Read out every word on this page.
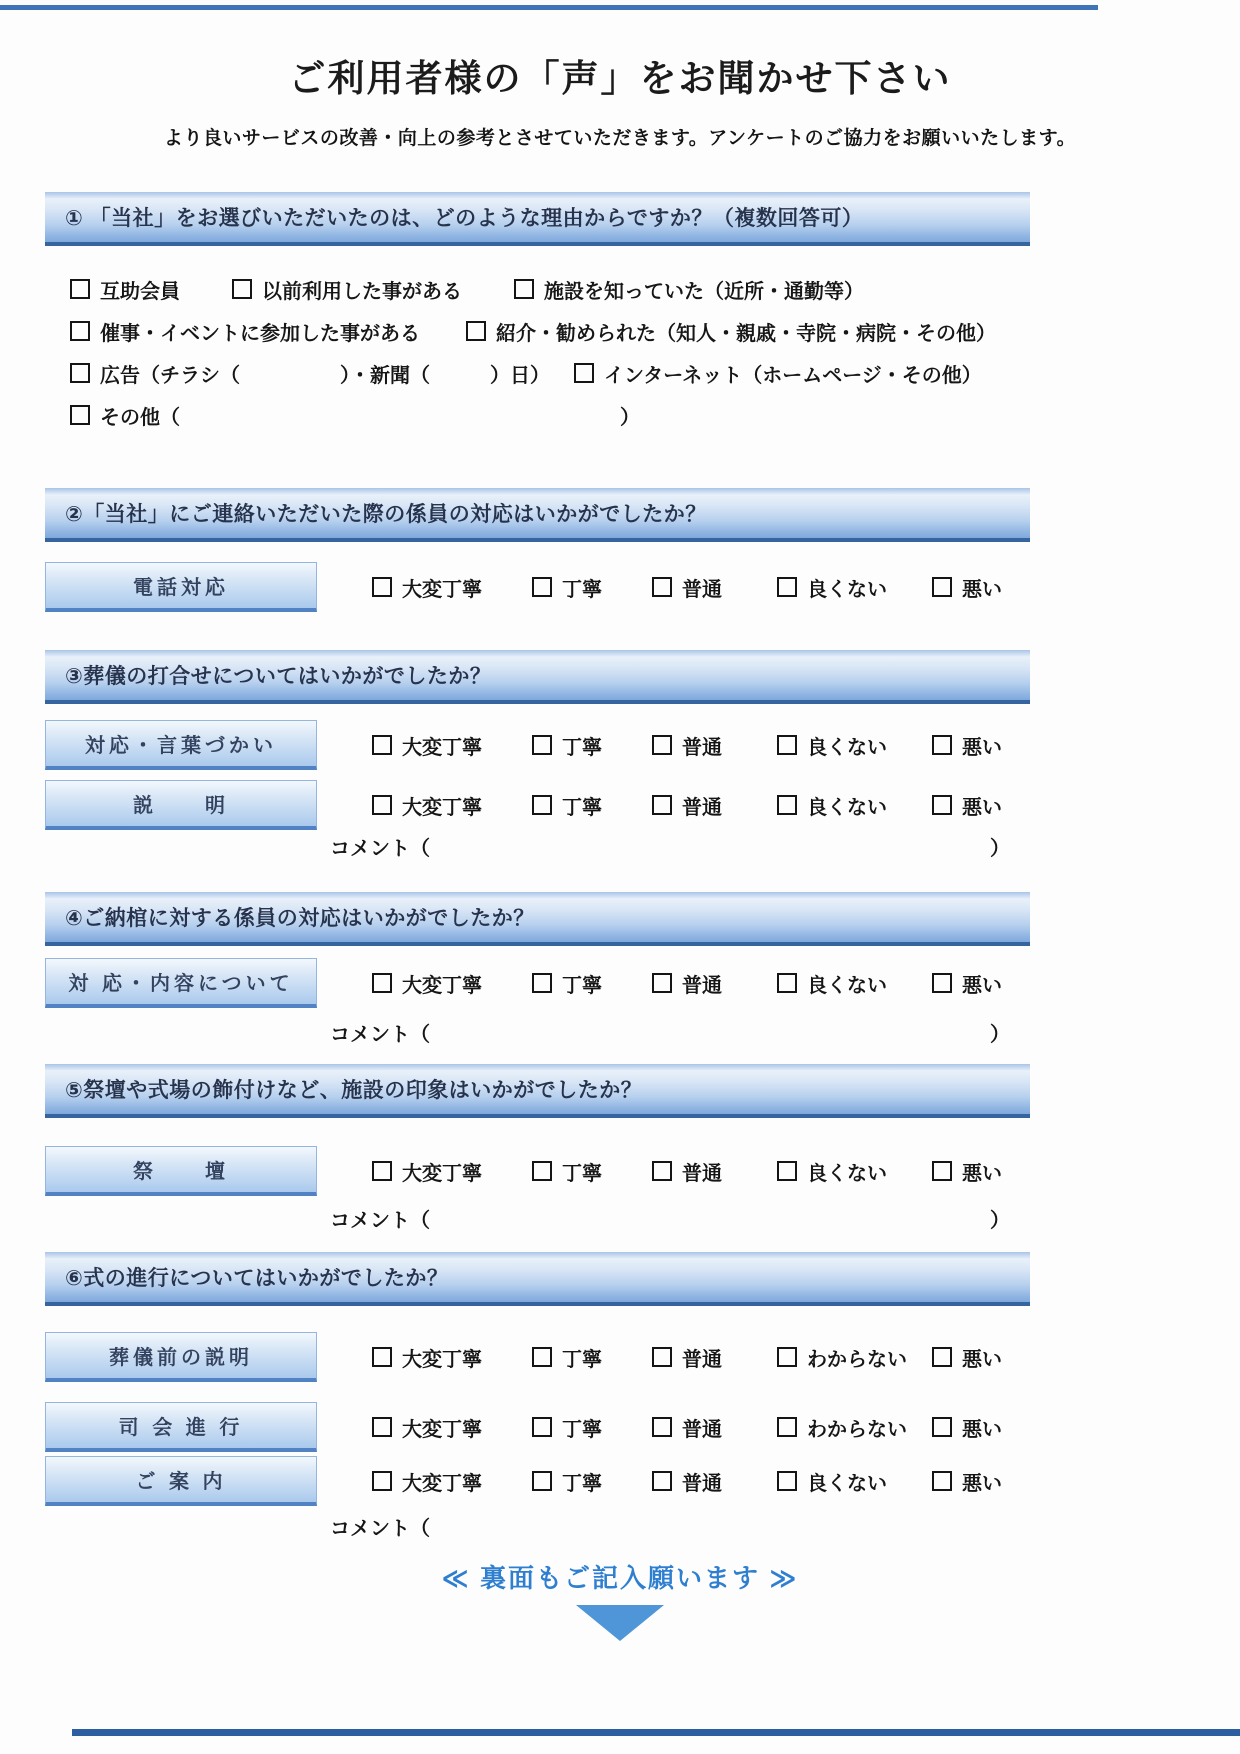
ご利用者様の「声」をお聞かせ下さい
より良いサービスの改善・向上の参考とさせていただきます。アンケートのご協力をお願いいたします。
① 「当社」をお選びいただいたのは、どのような理由からですか？（複数回答可）
互助会員	以前利用した事がある	施設を知っていた（近所・通勤等）
催事・イベントに参加した事がある	紹介・勧められた（知人・親戚・寺院・病院・その他）
広告（チラシ（　　　　　）・新聞（　　　）日）	インターネット（ホームページ・その他）
その他（　　　　　　　　　　　　　　　　　　　　　　）
②「当社」にご連絡いただいた際の係員の対応はいかがでしたか？
電話対応	大変丁寧	丁寧	普通	良くない	悪い
③葬儀の打合せについてはいかがでしたか？
対応・言葉づかい	大変丁寧	丁寧	普通	良くない	悪い
説　　明	大変丁寧	丁寧	普通	良くない	悪い
コメント（	）
④ご納棺に対する係員の対応はいかがでしたか？
対 応・内容について	大変丁寧	丁寧	普通	良くない	悪い
コメント（	）
⑤祭壇や式場の飾付けなど、施設の印象はいかがでしたか？
祭　　壇	大変丁寧	丁寧	普通	良くない	悪い
コメント（	）
⑥式の進行についてはいかがでしたか？
葬儀前の説明	大変丁寧	丁寧	普通	わからない	悪い
司 会 進 行	大変丁寧	丁寧	普通	わからない	悪い
ご 案 内	大変丁寧	丁寧	普通	良くない	悪い
コメント（
≪ 裏面もご記入願います ≫
